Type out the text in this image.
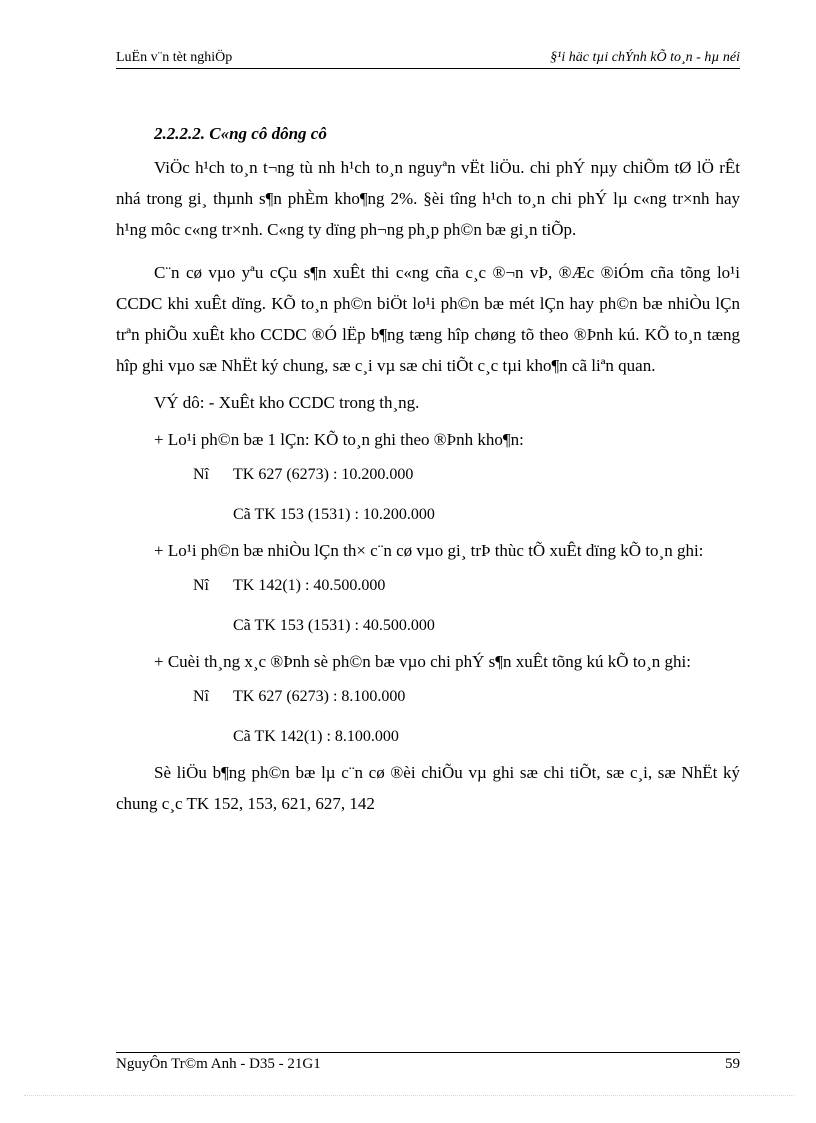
LuËn v¨n tèt nghiÖp	§¹i häc tµi chÝnh kÕ to¸n - hµ néi
2.2.2.2. C«ng cô dông cô

ViÖc h¹ch to¸n t¬ng tù nh h¹ch to¸n nguyªn vËt liÖu. chi phÝ nµy chiÕm tØ lÖ rÊt nhá trong gi¸ thµnh s¶n phÈm kho¶ng 2%. §èi tîng h¹ch to¸n chi phÝ lµ c«ng tr×nh hay h¹ng môc c«ng tr×nh. C«ng ty dïng ph¬ng ph¸p ph©n bæ gi¸n tiÕp.

C¨n cø vµo yªu cÇu s¶n xuÊt thi c«ng cña c¸c ®¬n vÞ, ®Æc ®iÓm cña tõng lo¹i CCDC khi xuÊt dïng. KÕ to¸n ph©n biÖt lo¹i ph©n bæ mét lÇn hay ph©n bæ nhiÒu lÇn trªn phiÕu xuÊt kho CCDC ®Ó lËp b¶ng tæng hîp chøng tõ theo ®Þnh kú. KÕ to¸n tæng hîp ghi vµo sæ NhËt ký chung, sæ c¸i vµ sæ chi tiÕt c¸c tµi kho¶n cã liªn quan.

VÝ dô: - XuÊt kho CCDC trong th¸ng.

+ Lo¹i ph©n bæ 1 lÇn: KÕ to¸n ghi theo ®Þnh kho¶n:

Nî TK 627 (6273) : 10.200.000
Cã TK 153 (1531) : 10.200.000

+ Lo¹i ph©n bæ nhiÒu lÇn th× c¨n cø vµo gi¸ trÞ thùc tÕ xuÊt dïng kÕ to¸n ghi:

Nî TK 142(1) : 40.500.000
Cã TK 153 (1531) : 40.500.000

+ Cuèi th¸ng x¸c ®Þnh sè ph©n bæ vµo chi phÝ s¶n xuÊt tõng kú kÕ to¸n ghi:

Nî TK 627 (6273) : 8.100.000
Cã TK 142(1) : 8.100.000

Sè liÖu b¶ng ph©n bæ lµ c¨n cø ®èi chiÕu vµ ghi sæ chi tiÕt, sæ c¸i, sæ NhËt ký chung c¸c TK 152, 153, 621, 627, 142

NguyÔn Tr©m Anh - D35 - 21G1	59
